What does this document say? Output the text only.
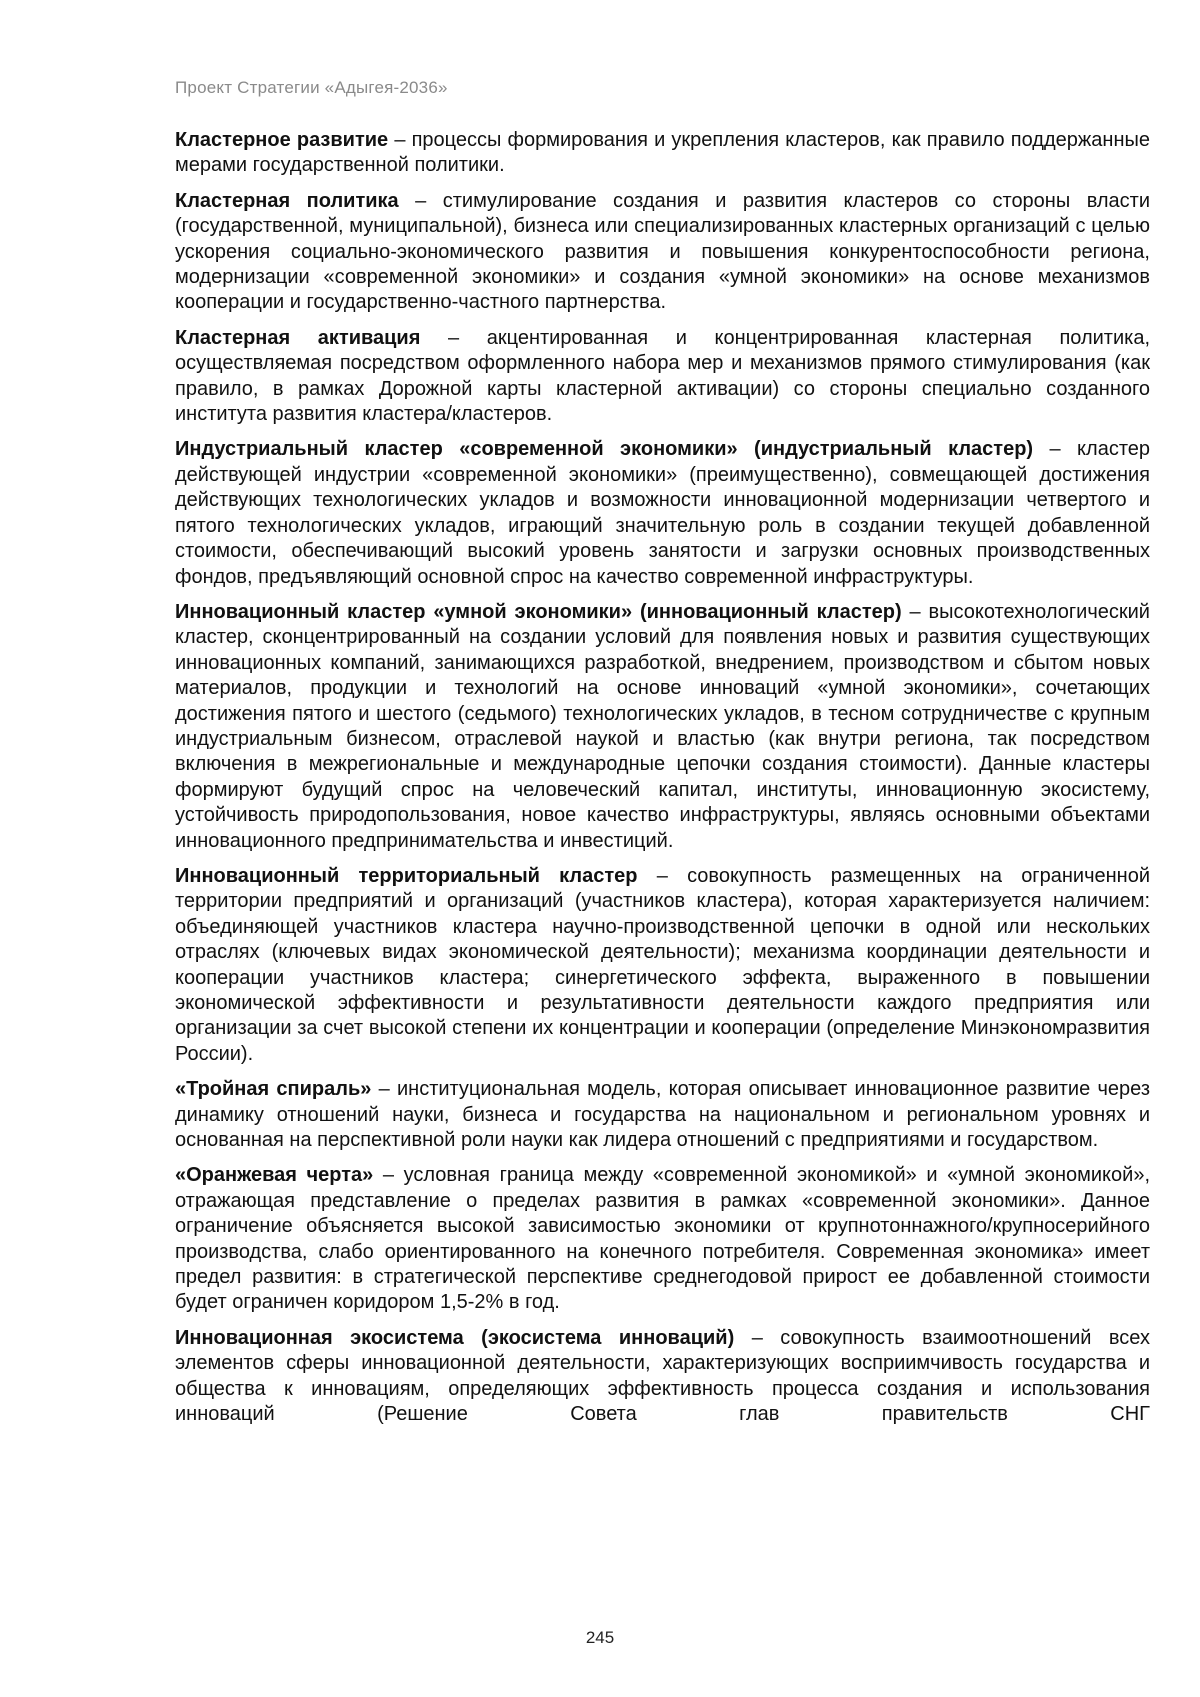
Проект Стратегии «Адыгея-2036»

Кластерное развитие – процессы формирования и укрепления кластеров, как правило поддержанные мерами государственной политики.

Кластерная политика – стимулирование создания и развития кластеров со стороны власти (государственной, муниципальной), бизнеса или специализированных кластерных организаций с целью ускорения социально-экономического развития и повышения конкурентоспособности региона, модернизации «современной экономики» и создания «умной экономики» на основе механизмов кооперации и государственно-частного партнерства.

Кластерная активация – акцентированная и концентрированная кластерная политика, осуществляемая посредством оформленного набора мер и механизмов прямого стимулирования (как правило, в рамках Дорожной карты кластерной активации) со стороны специально созданного института развития кластера/кластеров.

Индустриальный кластер «современной экономики» (индустриальный кластер) – кластер действующей индустрии «современной экономики» (преимущественно), совмещающей достижения действующих технологических укладов и возможности инновационной модернизации четвертого и пятого технологических укладов, играющий значительную роль в создании текущей добавленной стоимости, обеспечивающий высокий уровень занятости и загрузки основных производственных фондов, предъявляющий основной спрос на качество современной инфраструктуры.

Инновационный кластер «умной экономики» (инновационный кластер) – высокотехнологический кластер, сконцентрированный на создании условий для появления новых и развития существующих инновационных компаний, занимающихся разработкой, внедрением, производством и сбытом новых материалов, продукции и технологий на основе инноваций «умной экономики», сочетающих достижения пятого и шестого (седьмого) технологических укладов, в тесном сотрудничестве с крупным индустриальным бизнесом, отраслевой наукой и властью (как внутри региона, так посредством включения в межрегиональные и международные цепочки создания стоимости). Данные кластеры формируют будущий спрос на человеческий капитал, институты, инновационную экосистему, устойчивость природопользования, новое качество инфраструктуры, являясь основными объектами инновационного предпринимательства и инвестиций.

Инновационный территориальный кластер – совокупность размещенных на ограниченной территории предприятий и организаций (участников кластера), которая характеризуется наличием: объединяющей участников кластера научно-производственной цепочки в одной или нескольких отраслях (ключевых видах экономической деятельности); механизма координации деятельности и кооперации участников кластера; синергетического эффекта, выраженного в повышении экономической эффективности и результативности деятельности каждого предприятия или организации за счет высокой степени их концентрации и кооперации (определение Минэкономразвития России).

«Тройная спираль» – институциональная модель, которая описывает инновационное развитие через динамику отношений науки, бизнеса и государства на национальном и региональном уровнях и основанная на перспективной роли науки как лидера отношений с предприятиями и государством.

«Оранжевая черта» – условная граница между «современной экономикой» и «умной экономикой», отражающая представление о пределах развития в рамках «современной экономики». Данное ограничение объясняется высокой зависимостью экономики от крупнотоннажного/крупносерийного производства, слабо ориентированного на конечного потребителя. Современная экономика» имеет предел развития: в стратегической перспективе среднегодовой прирост ее добавленной стоимости будет ограничен коридором 1,5-2% в год.

Инновационная экосистема (экосистема инноваций) – совокупность взаимоотношений всех элементов сферы инновационной деятельности, характеризующих восприимчивость государства и общества к инновациям, определяющих эффективность процесса создания и использования инноваций (Решение Совета глав правительств СНГ

245
